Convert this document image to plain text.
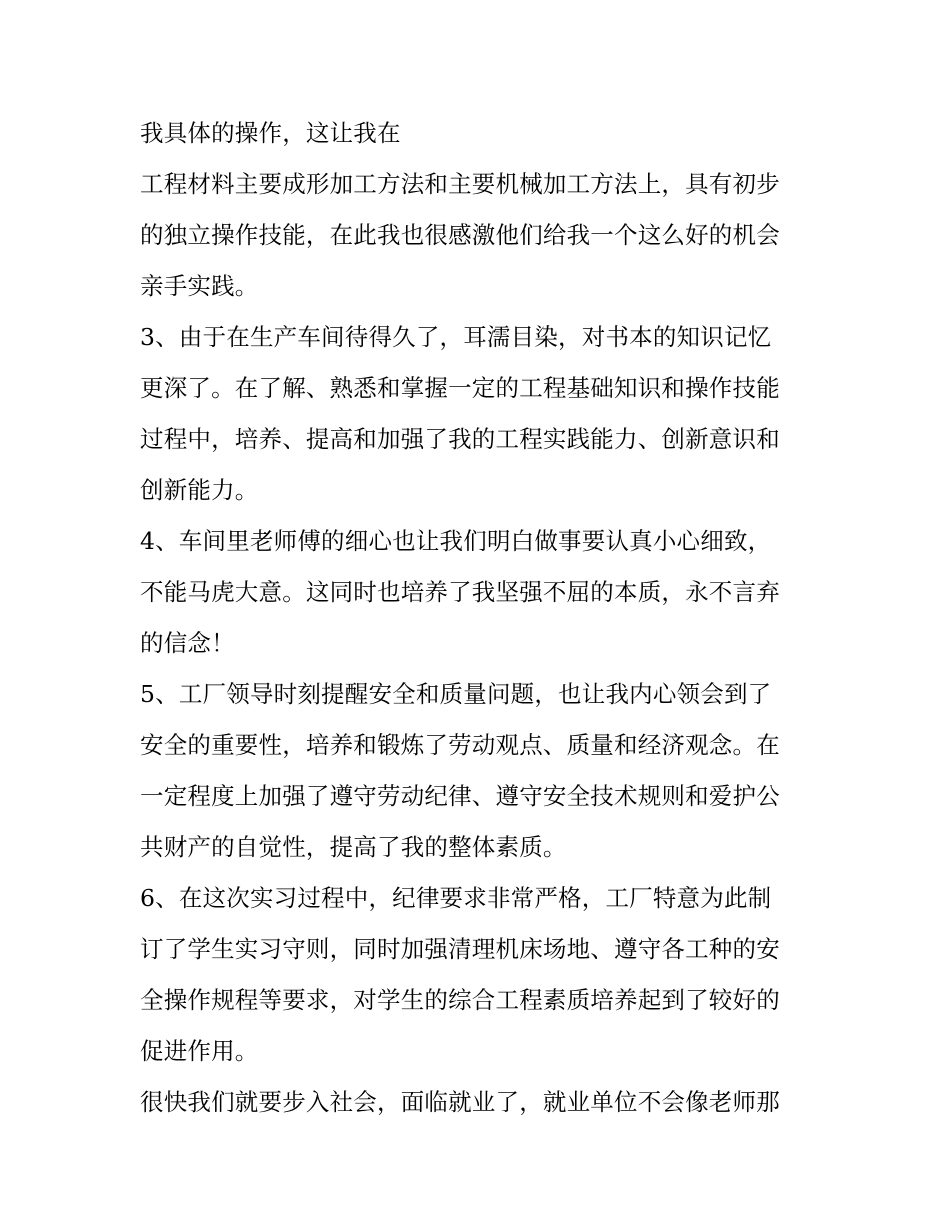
我具体的操作，这让我在
工程材料主要成形加工方法和主要机械加工方法上，具有初步
的独立操作技能，在此我也很感激他们给我一个这么好的机会
亲手实践。
3、由于在生产车间待得久了，耳濡目染，对书本的知识记忆
更深了。在了解、熟悉和掌握一定的工程基础知识和操作技能
过程中，培养、提高和加强了我的工程实践能力、创新意识和
创新能力。
4、车间里老师傅的细心也让我们明白做事要认真小心细致，
不能马虎大意。这同时也培养了我坚强不屈的本质，永不言弃
的信念！
5、工厂领导时刻提醒安全和质量问题，也让我内心领会到了
安全的重要性，培养和锻炼了劳动观点、质量和经济观念。在
一定程度上加强了遵守劳动纪律、遵守安全技术规则和爱护公
共财产的自觉性，提高了我的整体素质。
6、在这次实习过程中，纪律要求非常严格，工厂特意为此制
订了学生实习守则，同时加强清理机床场地、遵守各工种的安
全操作规程等要求，对学生的综合工程素质培养起到了较好的
促进作用。
很快我们就要步入社会，面临就业了，就业单位不会像老师那
